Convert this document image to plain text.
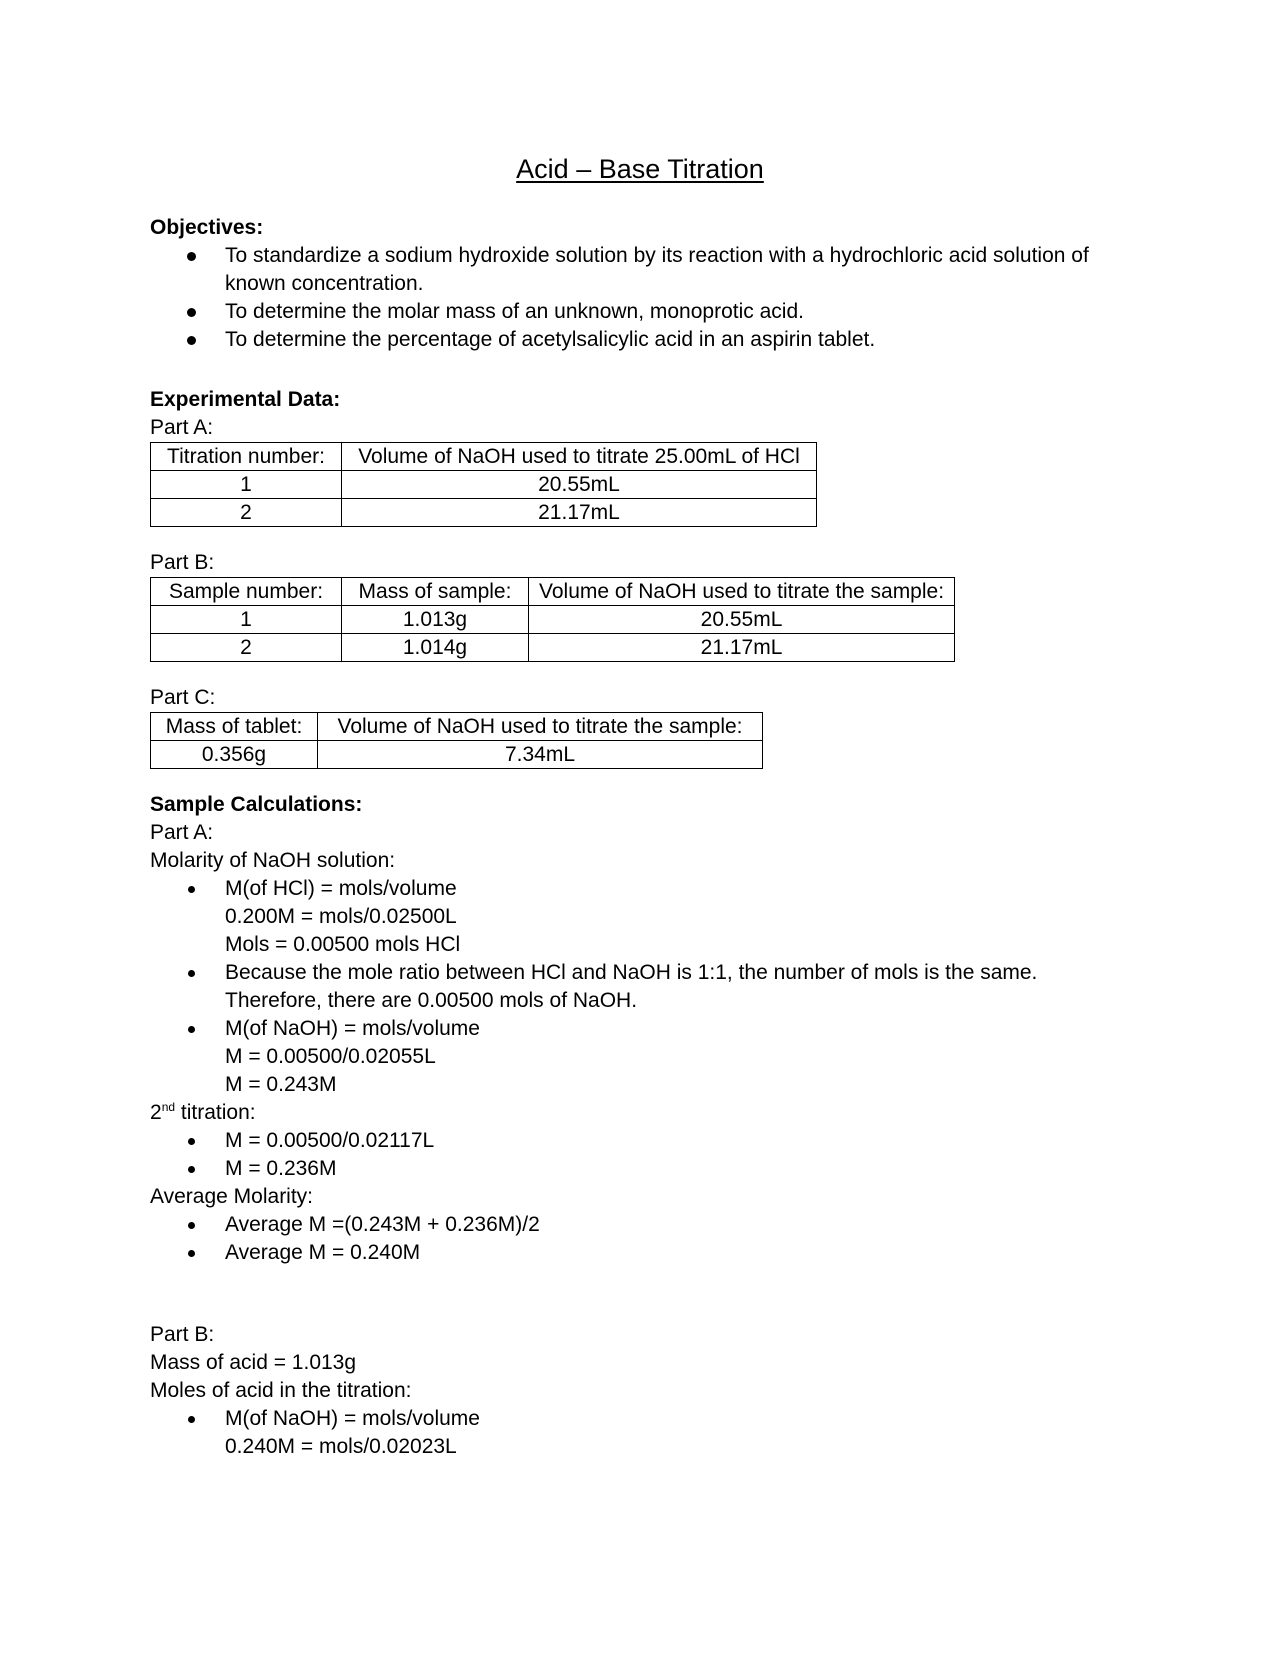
Acid – Base Titration
Objectives:
To standardize a sodium hydroxide solution by its reaction with a hydrochloric acid solution of known concentration.
To determine the molar mass of an unknown, monoprotic acid.
To determine the percentage of acetylsalicylic acid in an aspirin tablet.
Experimental Data:
Part A:
Titration number:	Volume of NaOH used to titrate 25.00mL of HCl
1	20.55mL
2	21.17mL
Part B:
Sample number:	Mass of sample:	Volume of NaOH used to titrate the sample:
1	1.013g	20.55mL
2	1.014g	21.17mL
Part C:
Mass of tablet:	Volume of NaOH used to titrate the sample:
0.356g	7.34mL
Sample Calculations:
Part A:
Molarity of NaOH solution:
M(of HCl) = mols/volume
0.200M = mols/0.02500L
Mols = 0.00500 mols HCl
Because the mole ratio between HCl and NaOH is 1:1, the number of mols is the same.
Therefore, there are 0.00500 mols of NaOH.
M(of NaOH) = mols/volume
M = 0.00500/0.02055L
M = 0.243M
2nd titration:
M = 0.00500/0.02117L
M = 0.236M
Average Molarity:
Average M =(0.243M + 0.236M)/2
Average M = 0.240M
Part B:
Mass of acid = 1.013g
Moles of acid in the titration:
M(of NaOH) = mols/volume
0.240M = mols/0.02023L
